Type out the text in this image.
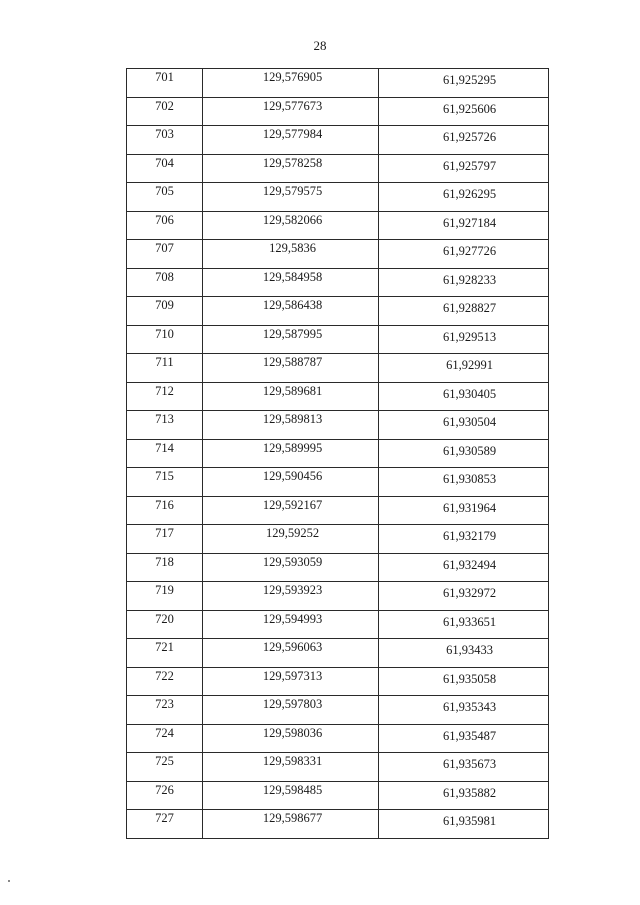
28
701	129,576905	61,925295

702	129,577673	61,925606

703	129,577984	61,925726

704	129,578258	61,925797

705	129,579575	61,926295

706	129,582066	61,927184

707	129,5836	61,927726

708	129,584958	61,928233

709	129,586438	61,928827

710	129,587995	61,929513

711	129,588787	61,92991

712	129,589681	61,930405

713	129,589813	61,930504

714	129,589995	61,930589

715	129,590456	61,930853

716	129,592167	61,931964

717	129,59252	61,932179

718	129,593059	61,932494

719	129,593923	61,932972

720	129,594993	61,933651

721	129,596063	61,93433

722	129,597313	61,935058

723	129,597803	61,935343

724	129,598036	61,935487

725	129,598331	61,935673

726	129,598485	61,935882

727	129,598677	61,935981
